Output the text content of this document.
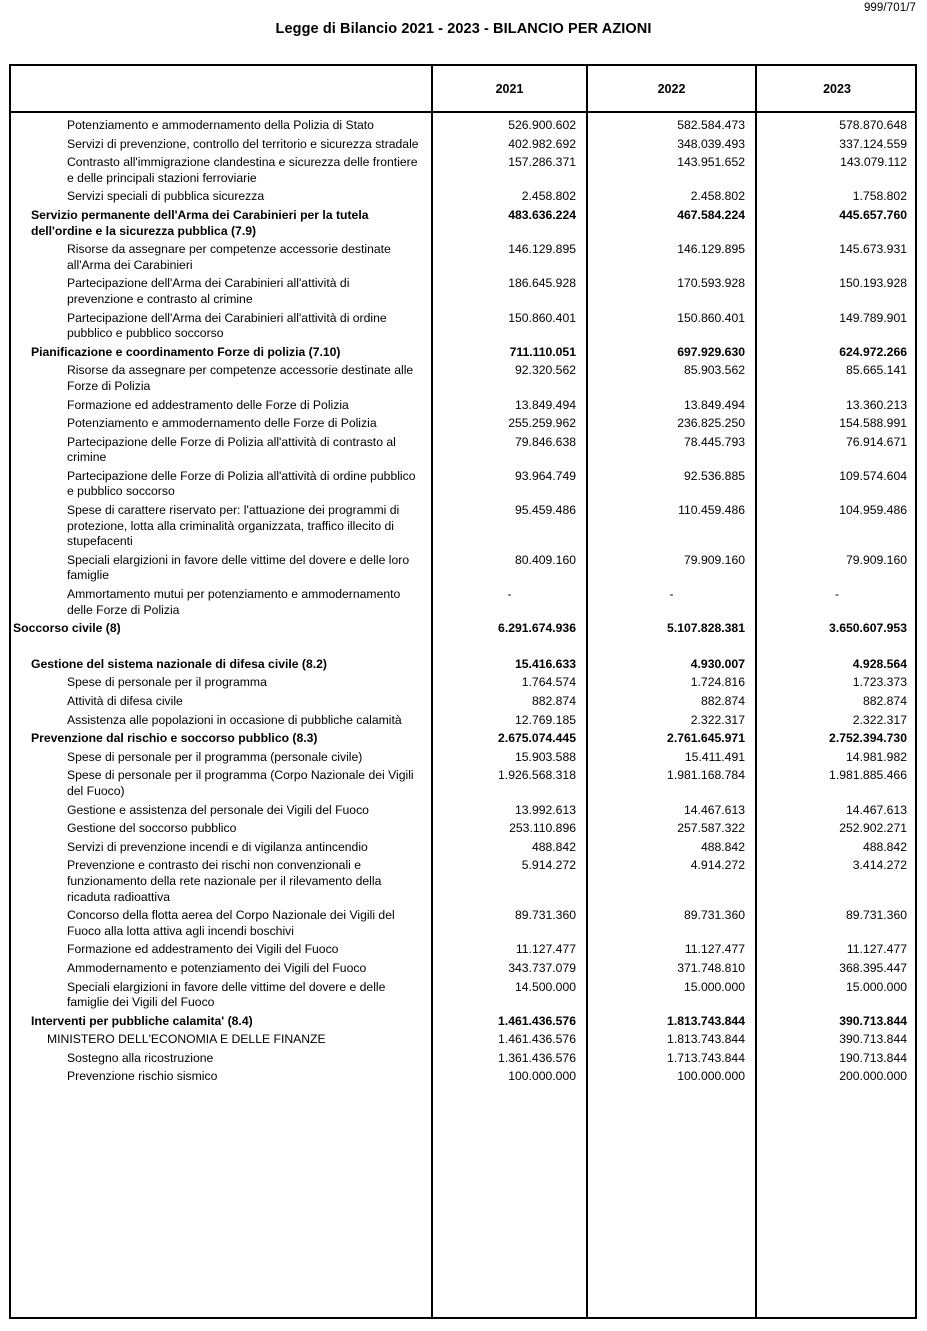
999/701/7
Legge di Bilancio 2021 - 2023 - BILANCIO PER AZIONI
2021	2022	2023
Potenziamento e ammodernamento della Polizia di Stato	526.900.602	582.584.473	578.870.648
Servizi di prevenzione, controllo del territorio e sicurezza stradale	402.982.692	348.039.493	337.124.559
Contrasto all'immigrazione clandestina e sicurezza delle frontiere e delle principali stazioni ferroviarie
157.286.371	143.951.652	143.079.112
Servizi speciali di pubblica sicurezza	2.458.802	2.458.802	1.758.802
Servizio permanente dell'Arma dei Carabinieri per la tutela dell'ordine e la sicurezza pubblica (7.9)
483.636.224	467.584.224	445.657.760
Risorse da assegnare per competenze accessorie destinate all'Arma dei Carabinieri
146.129.895	146.129.895	145.673.931
Partecipazione dell'Arma dei Carabinieri all'attività di prevenzione e contrasto al crimine
186.645.928	170.593.928	150.193.928
Partecipazione dell'Arma dei Carabinieri all'attività di ordine pubblico e pubblico soccorso
150.860.401	150.860.401	149.789.901
Pianificazione e coordinamento Forze di polizia (7.10)	711.110.051	697.929.630	624.972.266
Risorse da assegnare per competenze accessorie destinate alle Forze di Polizia
92.320.562	85.903.562	85.665.141
Formazione ed addestramento delle Forze di Polizia	13.849.494	13.849.494	13.360.213
Potenziamento e ammodernamento delle Forze di Polizia	255.259.962	236.825.250	154.588.991
Partecipazione delle Forze di Polizia all'attività di contrasto al crimine
79.846.638	78.445.793	76.914.671
Partecipazione delle Forze di Polizia all'attività di ordine pubblico e pubblico soccorso
93.964.749	92.536.885	109.574.604
Spese di carattere riservato per: l'attuazione dei programmi di protezione, lotta alla criminalità organizzata, traffico illecito di stupefacenti
95.459.486	110.459.486	104.959.486
Speciali elargizioni in favore delle vittime del dovere e delle loro famiglie
80.409.160	79.909.160	79.909.160
Ammortamento mutui per potenziamento e ammodernamento delle Forze di Polizia
-	-	-
Soccorso civile (8)	6.291.674.936	5.107.828.381	3.650.607.953
Gestione del sistema nazionale di difesa civile (8.2)	15.416.633	4.930.007	4.928.564
Spese di personale per il programma	1.764.574	1.724.816	1.723.373
Attività di difesa civile	882.874	882.874	882.874
Assistenza alle popolazioni in occasione di pubbliche calamità	12.769.185	2.322.317	2.322.317
Prevenzione dal rischio e soccorso pubblico (8.3)	2.675.074.445	2.761.645.971	2.752.394.730
Spese di personale per il programma (personale civile)	15.903.588	15.411.491	14.981.982
Spese di personale per il programma (Corpo Nazionale dei Vigili del Fuoco)
1.926.568.318	1.981.168.784	1.981.885.466
Gestione e assistenza del personale dei Vigili del Fuoco	13.992.613	14.467.613	14.467.613
Gestione del soccorso pubblico	253.110.896	257.587.322	252.902.271
Servizi di prevenzione incendi e di vigilanza antincendio	488.842	488.842	488.842
Prevenzione e contrasto dei rischi non convenzionali e funzionamento della rete nazionale per il rilevamento della ricaduta radioattiva
5.914.272	4.914.272	3.414.272
Concorso della flotta aerea del Corpo Nazionale dei Vigili del Fuoco alla lotta attiva agli incendi boschivi
89.731.360	89.731.360	89.731.360
Formazione ed addestramento dei Vigili del Fuoco	11.127.477	11.127.477	11.127.477
Ammodernamento e potenziamento dei Vigili del Fuoco	343.737.079	371.748.810	368.395.447
Speciali elargizioni in favore delle vittime del dovere e delle famiglie dei Vigili del Fuoco
14.500.000	15.000.000	15.000.000
Interventi per pubbliche calamita' (8.4)	1.461.436.576	1.813.743.844	390.713.844
MINISTERO DELL'ECONOMIA E DELLE FINANZE	1.461.436.576	1.813.743.844	390.713.844
Sostegno alla ricostruzione	1.361.436.576	1.713.743.844	190.713.844
Prevenzione rischio sismico	100.000.000	100.000.000	200.000.000
